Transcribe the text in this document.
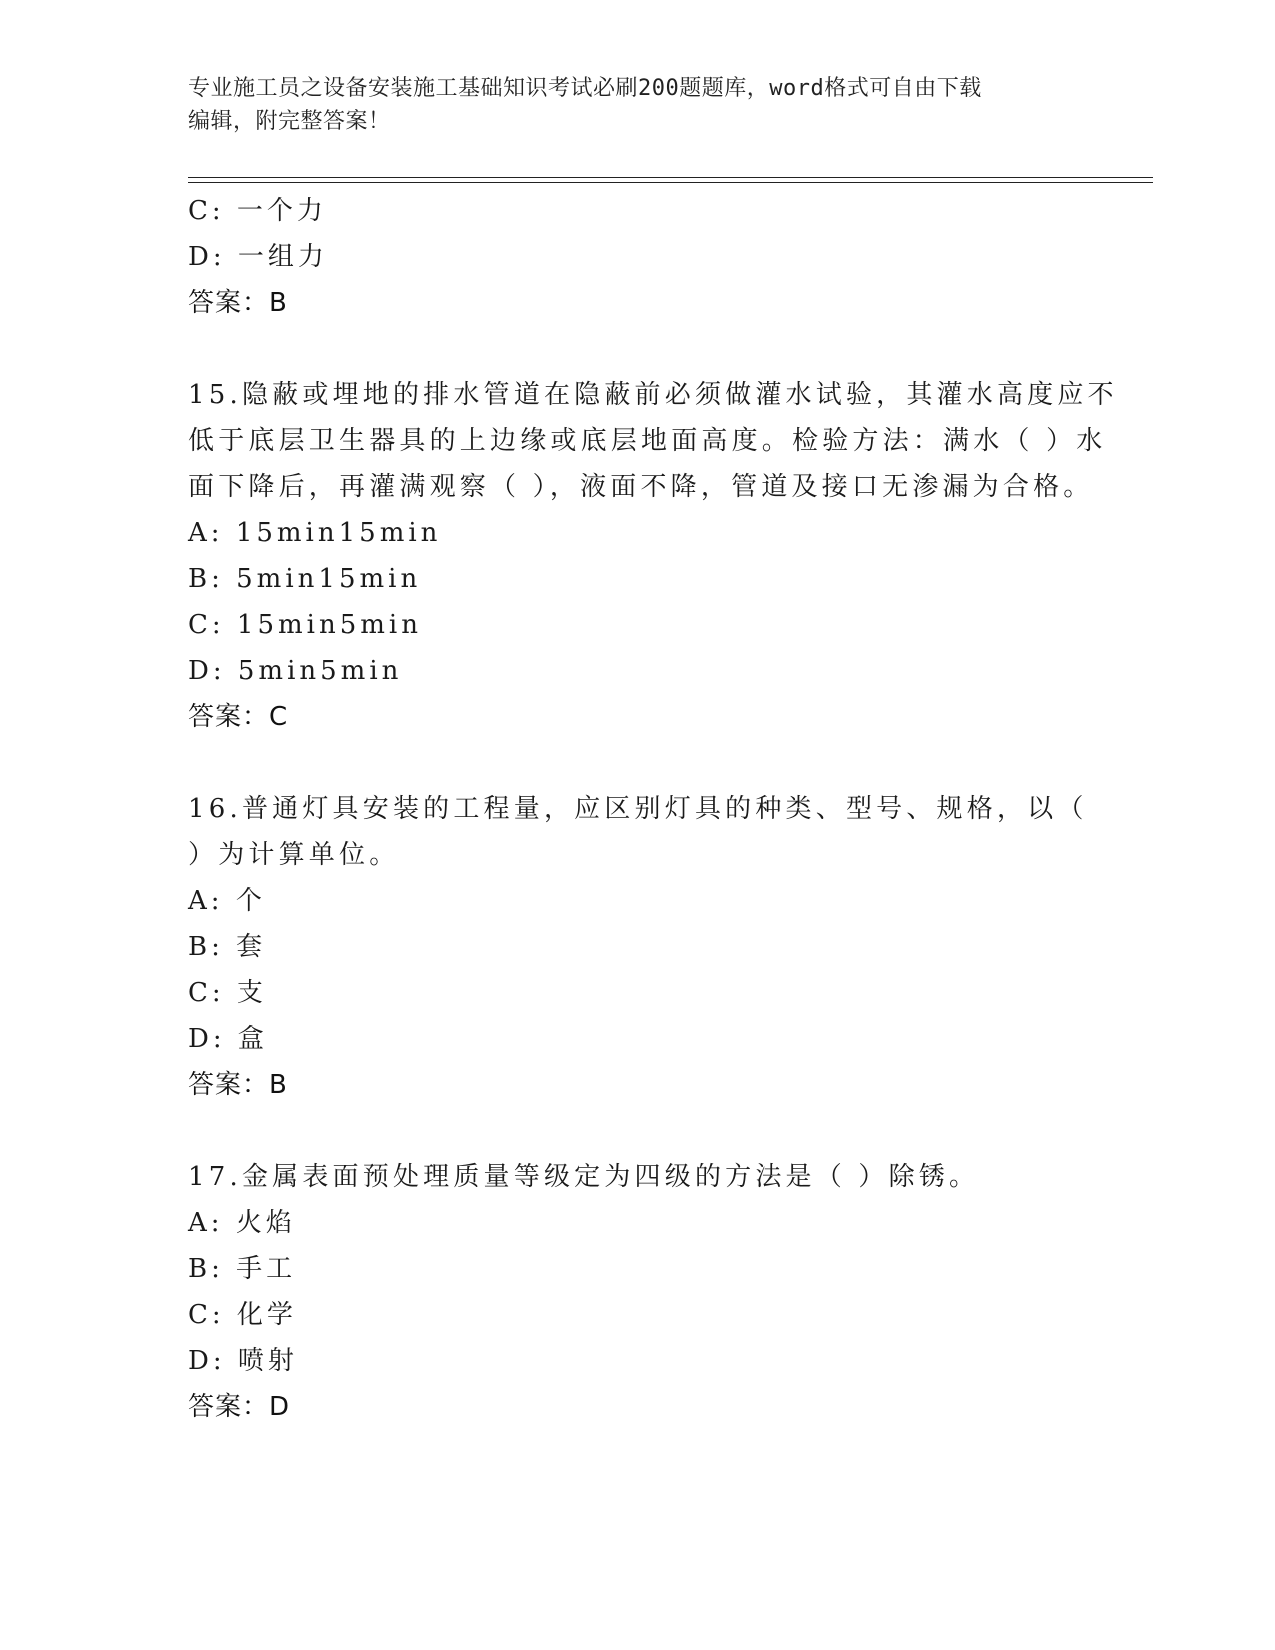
专业施工员之设备安装施工基础知识考试必刷200题题库，word格式可自由下载
编辑，附完整答案！
C: 一个力
D: 一组力
答案：B
15.隐蔽或埋地的排水管道在隐蔽前必须做灌水试验，其灌水高度应不
低于底层卫生器具的上边缘或底层地面高度。检验方法：满水（ ）水
面下降后，再灌满观察（ ），液面不降，管道及接口无渗漏为合格。
A: 15min15min
B: 5min15min
C: 15min5min
D: 5min5min
答案：C
16.普通灯具安装的工程量，应区别灯具的种类、型号、规格，以（
）为计算单位。
A: 个
B: 套
C: 支
D: 盒
答案：B
17.金属表面预处理质量等级定为四级的方法是（ ）除锈。
A: 火焰
B: 手工
C: 化学
D: 喷射
答案：D
